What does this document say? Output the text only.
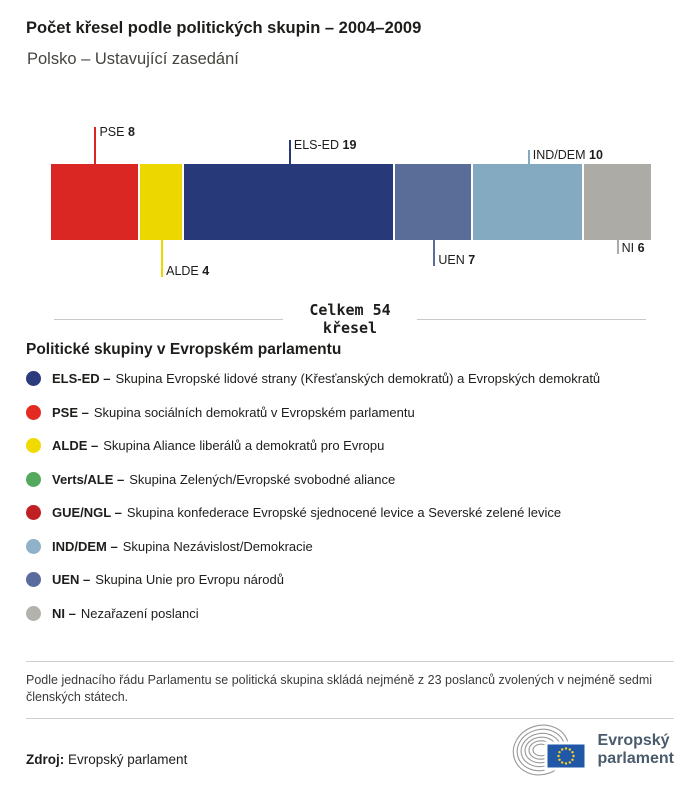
Počet křesel podle politických skupin – 2004–2009
Polsko – Ustavující zasedání
PSE 8
ALDE 4
ELS-ED 19
UEN 7
IND/DEM 10
NI 6
Celkem 54
křesel
Politické skupiny v Evropském parlamentu
ELS-ED – Skupina Evropské lidové strany (Křesťanských demokratů) a Evropských demokratů
PSE – Skupina sociálních demokratů v Evropském parlamentu
ALDE – Skupina Aliance liberálů a demokratů pro Evropu
Verts/ALE – Skupina Zelených/Evropské svobodné aliance
GUE/NGL – Skupina konfederace Evropské sjednocené levice a Severské zelené levice
IND/DEM – Skupina Nezávislost/Demokracie
UEN – Skupina Unie pro Evropu národů
NI – Nezařazení poslanci
Podle jednacího řádu Parlamentu se politická skupina skládá nejméně z 23 poslanců zvolených v nejméně sedmi členských státech.
Zdroj: Evropský parlament
Evropský
parlament
